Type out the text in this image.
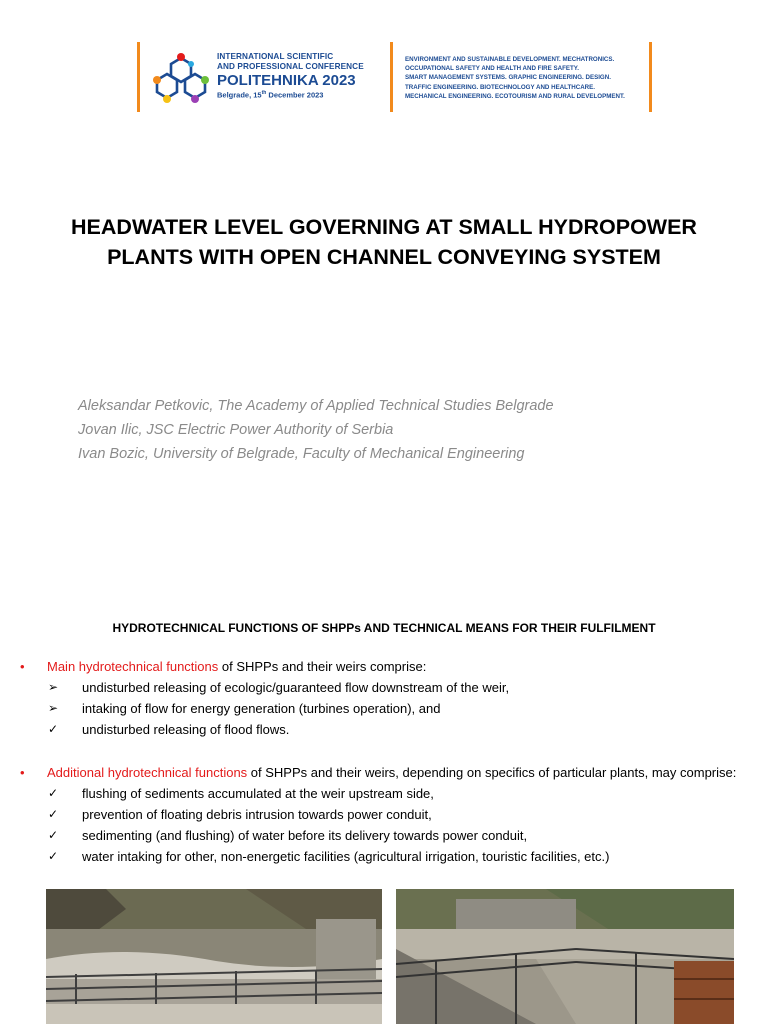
INTERNATIONAL SCIENTIFIC
AND PROFESSIONAL CONFERENCE
POLITEHNIKA 2023
Belgrade, 15th December 2023
ENVIRONMENT AND SUSTAINABLE DEVELOPMENT. MECHATRONICS.
OCCUPATIONAL SAFETY AND HEALTH AND FIRE SAFETY.
SMART MANAGEMENT SYSTEMS. GRAPHIC ENGINEERING. DESIGN.
TRAFFIC ENGINEERING. BIOTECHNOLOGY AND HEALTHCARE.
MECHANICAL ENGINEERING. ECOTOURISM AND RURAL DEVELOPMENT.
HEADWATER LEVEL GOVERNING AT SMALL HYDROPOWER
PLANTS WITH OPEN CHANNEL CONVEYING SYSTEM
Aleksandar Petkovic, The Academy of Applied Technical Studies Belgrade
Jovan Ilic, JSC Electric Power Authority of Serbia
Ivan Bozic, University of Belgrade, Faculty of Mechanical Engineering
HYDROTECHNICAL FUNCTIONS OF SHPPs AND TECHNICAL MEANS FOR THEIR FULFILMENT
• Main hydrotechnical functions of SHPPs and their weirs comprise:
➢ undisturbed releasing of ecologic/guaranteed flow downstream of the weir,
➢ intaking of flow for energy generation (turbines operation), and
✓ undisturbed releasing of flood flows.
• Additional hydrotechnical functions of SHPPs and their weirs, depending on specifics of particular plants, may comprise:
✓ flushing of sediments accumulated at the weir upstream side,
✓ prevention of floating debris intrusion towards power conduit,
✓ sedimenting (and flushing) of water before its delivery towards power conduit,
✓ water intaking for other, non-energetic facilities (agricultural irrigation, touristic facilities, etc.)
